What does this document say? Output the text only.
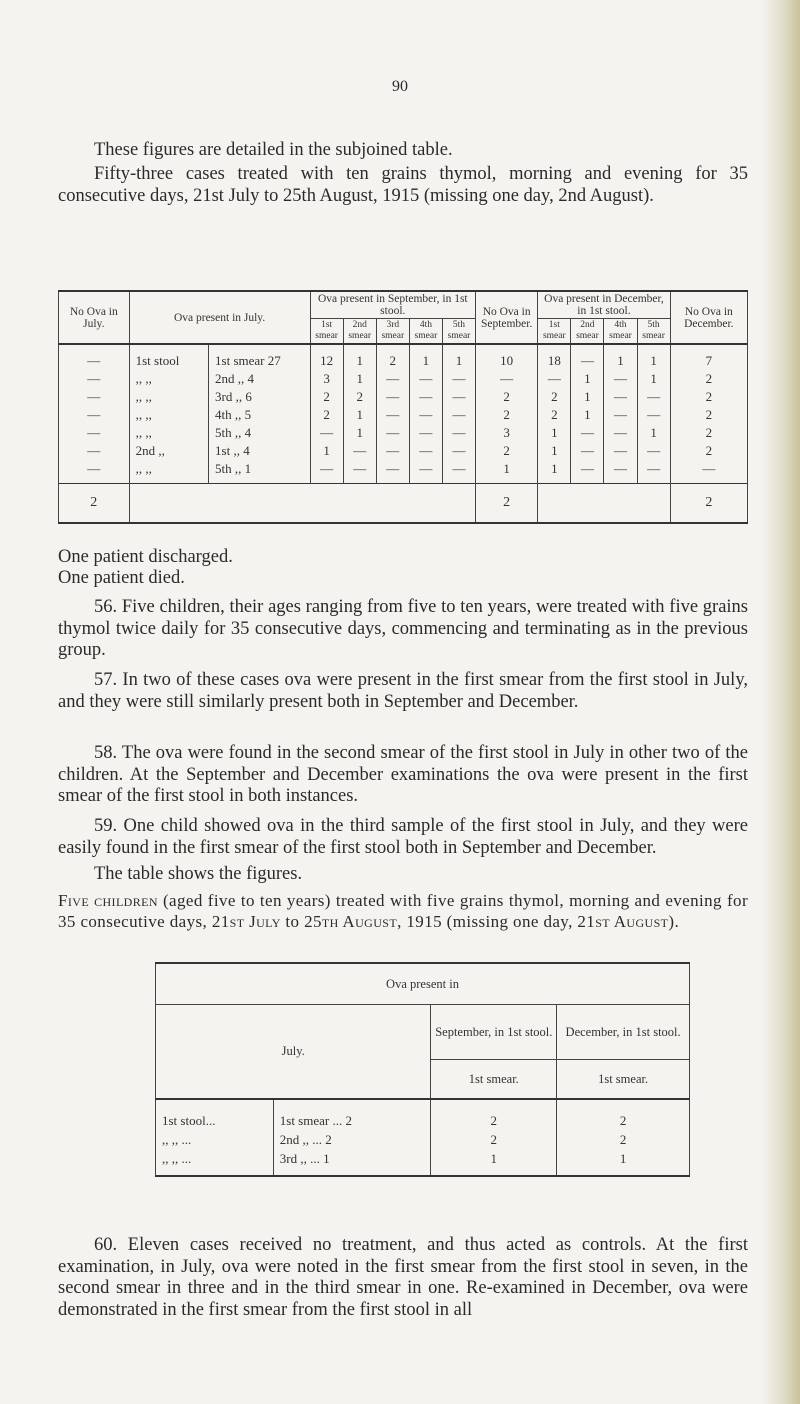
90

These figures are detailed in the subjoined table.

Fifty-three cases treated with ten grains thymol, morning and evening for 35 consecutive days, 21st July to 25th August, 1915 (missing one day, 2nd August).

No Ova in July.	Ova present in July.		Ova present in September, in 1st stool.					No Ova in September.	Ova present in December, in 1st stool.				No Ova in December.
			1st smear	2nd smear	3rd smear	4th smear	5th smear		1st smear	2nd smear	4th smear	5th smear	
—	1st stool	1st smear 27	12	1	2	1	1	10	18	—	1	1	7
—	,, ,,	2nd ,, 4	3	1	—	—	—	—	—	1	—	1	2
—	,, ,,	3rd ,, 6	2	2	—	—	—	2	2	1	—	—	2
—	,, ,,	4th ,, 5	2	1	—	—	—	2	2	1	—	—	2
—	,, ,,	5th ,, 4	—	1	—	—	—	3	1	—	—	1	2
—	2nd ,,	1st ,, 4	1	—	—	—	—	2	1	—	—	—	2
—	,, ,,	5th ,, 1	—	—	—	—	—	1	1	—	—	—	—
2								2					2
One patient discharged.
One patient died.

56. Five children, their ages ranging from five to ten years, were treated with five grains thymol twice daily for 35 consecutive days, commencing and terminating as in the previous group.

57. In two of these cases ova were present in the first smear from the first stool in July, and they were still similarly present both in September and December.

58. The ova were found in the second smear of the first stool in July in other two of the children. At the September and December examinations the ova were present in the first smear of the first stool in both instances.

59. One child showed ova in the third sample of the first stool in July, and they were easily found in the first smear of the first stool both in September and December.

The table shows the figures.

Five children (aged five to ten years) treated with five grains thymol, morning and evening for 35 consecutive days, 21st July to 25th August, 1915 (missing one day, 21st August).
Ova present in			
July.		September, in 1st stool.	December, in 1st stool.
		1st smear.	1st smear.
1st stool...	1st smear ... 2	2	2
,, ,, ...	2nd ,, ... 2	2	2
,, ,, ...	3rd ,, ... 1	1	1

60. Eleven cases received no treatment, and thus acted as controls. At the first examination, in July, ova were noted in the first smear from the first stool in seven, in the second smear in three and in the third smear in one. Re-examined in December, ova were demonstrated in the first smear from the first stool in all
